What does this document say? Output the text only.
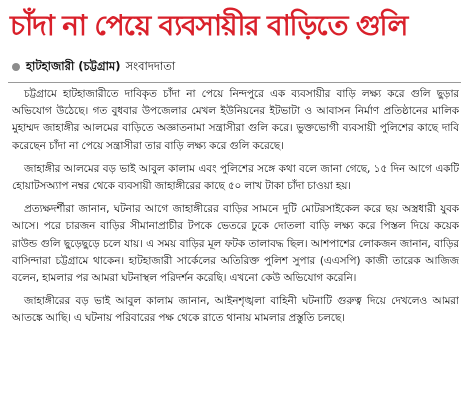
চাঁদা না পেয়ে ব্যবসায়ীর বাড়িতে গুলি
হাটহাজারী (চট্টগ্রাম) সংবাদদাতা

চট্টগ্রামে হাটহাজারীতে দাবিকৃত চাঁদা না পেয়ে নিন্দপুরে এক ব্যবসায়ীর বাড়ি লক্ষ্য করে গুলি ছুড়ার অভিযোগ উঠেছে। গত বুধবার উপজেলার মেখল ইউনিয়নের ইটভাটা ও আবাসন নির্মাণ প্রতিষ্ঠানের মালিক মুহাম্মদ জাহাঙ্গীর আলমের বাড়িতে অজ্ঞাতনামা সন্ত্রাসীরা গুলি করে। ভুক্তভোগী ব্যবসায়ী পুলিশের কাছে দাবি করেছেন চাঁদা না পেয়ে সন্ত্রাসীরা তার বাড়ি লক্ষ্য করে গুলি করেছে।

জাহাঙ্গীর আলমের বড় ভাই আবুল কালাম এবং পুলিশের সঙ্গে কথা বলে জানা গেছে, ১৫ দিন আগে একটি হোয়াটসঅ্যাপ নম্বর থেকে ব্যবসায়ী জাহাঙ্গীরের কাছে ৫০ লাখ টাকা চাঁদা চাওয়া হয়।

প্রত্যক্ষদর্শীরা জানান, ঘটনার আগে জাহাঙ্গীরের বাড়ির সামনে দুটি মোটরসাইকেল করে ছয় অস্ত্রধারী যুবক আসে। পরে চারজন বাড়ির সীমানাপ্রাচীর টপকে ভেতরে ঢুকে দোতলা বাড়ি লক্ষ্য করে পিস্তল দিয়ে কয়েক রাউন্ড গুলি ছুড়েছুড়ে চলে যায়। এ সময় বাড়ির মূল ফটক তালাবদ্ধ ছিল। আশপাশের লোকজন জানান, বাড়ির বাসিন্দারা চট্টগ্রামে থাকেন। হাটহাজারী সার্কেলের অতিরিক্ত পুলিশ সুপার (এএসপি) কাজী তারেক আজিজ বলেন, হামলার পর আমরা ঘটনাস্থল পরিদর্শন করেছি। এখনো কেউ অভিযোগ করেনি।

জাহাঙ্গীরের বড় ভাই আবুল কালাম জানান, আইনশৃঙ্খলা বাহিনী ঘটনাটি গুরুত্ব দিয়ে দেখলেও আমরা আতঙ্কে আছি। এ ঘটনায় পরিবারের পক্ষ থেকে রাতে থানায় মামলার প্রস্তুতি চলছে।
